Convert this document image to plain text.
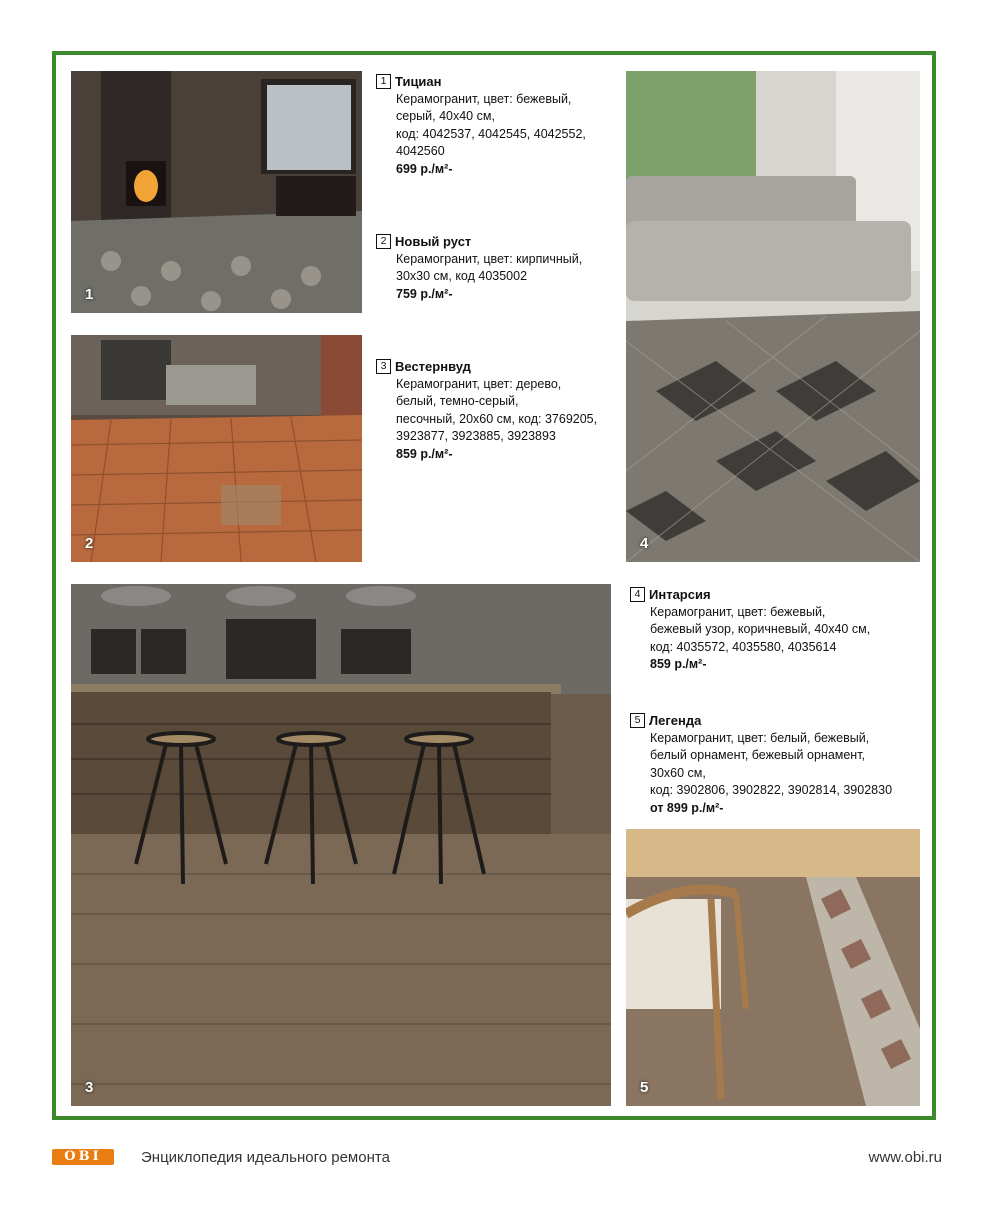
1
2	4
3	5
1 Тициан
Керамогранит, цвет: бежевый,
серый, 40х40 см,
код: 4042537, 4042545, 4042552,
4042560
699 р./м²-
2 Новый руст
Керамогранит, цвет: кирпичный,
30х30 см, код 4035002
759 р./м²-
3 Вестернвуд
Керамогранит, цвет: дерево,
белый, темно-серый,
песочный, 20х60 см, код: 3769205,
3923877, 3923885, 3923893
859 р./м²-
4 Интарсия
Керамогранит, цвет: бежевый,
бежевый узор, коричневый, 40х40 см,
код: 4035572, 4035580, 4035614
859 р./м²-
5 Легенда
Керамогранит, цвет: белый, бежевый,
белый орнамент, бежевый орнамент,
30х60 см,
код: 3902806, 3902822, 3902814, 3902830
от 899 р./м²-
OBI	Энциклопедия идеального ремонта	www.obi.ru
